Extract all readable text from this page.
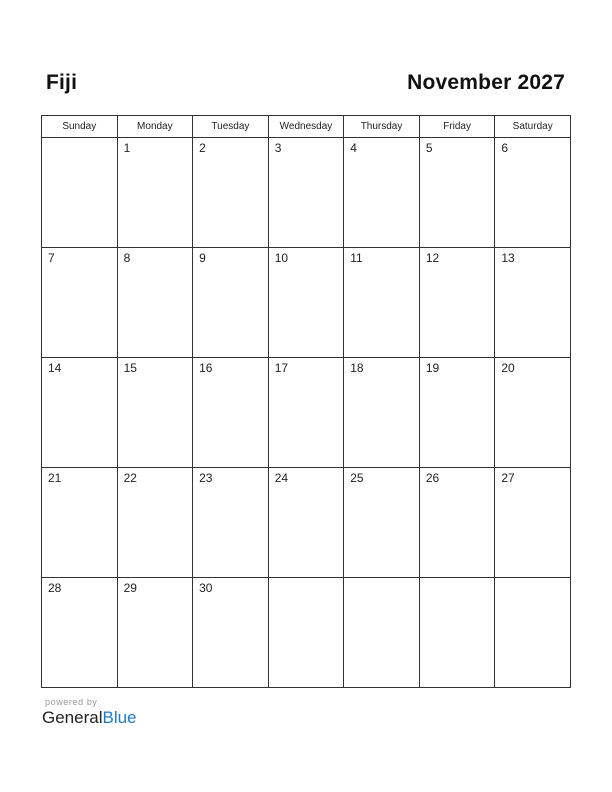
Fiji	November 2027
Sunday	Monday	Tuesday	Wednesday	Thursday	Friday	Saturday

	1	2	3	4	5	6

7	8	9	10	11	12	13

14	15	16	17	18	19	20

21	22	23	24	25	26	27

28	29	30				

powered by
GeneralBlue
